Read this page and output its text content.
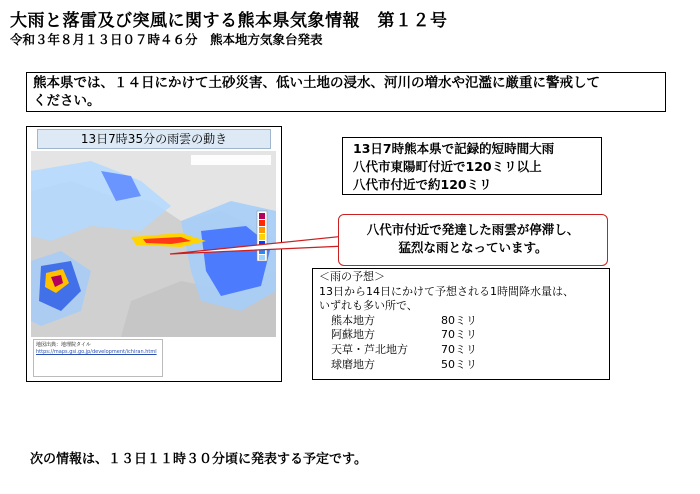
大雨と落雷及び突風に関する熊本県気象情報　第１２号
令和３年８月１３日０７時４６分　熊本地方気象台発表
熊本県では、１４日にかけて土砂災害、低い土地の浸水、河川の増水や氾濫に厳重に警戒して
ください。
13日7時35分の雨雲の動き
地図出典：地理院タイル
https://maps.gsi.go.jp/development/ichiran.html
13日7時熊本県で記録的短時間大雨
八代市東陽町付近で120ミリ以上
八代市付近で約120ミリ
八代市付近で発達した雨雲が停滞し、
猛烈な雨となっています。
＜雨の予想＞
13日から14日にかけて予想される1時間降水量は、
いずれも多い所で、
熊本地方	80ミリ
阿蘇地方	70ミリ
天草・芦北地方	70ミリ
球磨地方	50ミリ
次の情報は、１３日１１時３０分頃に発表する予定です。
